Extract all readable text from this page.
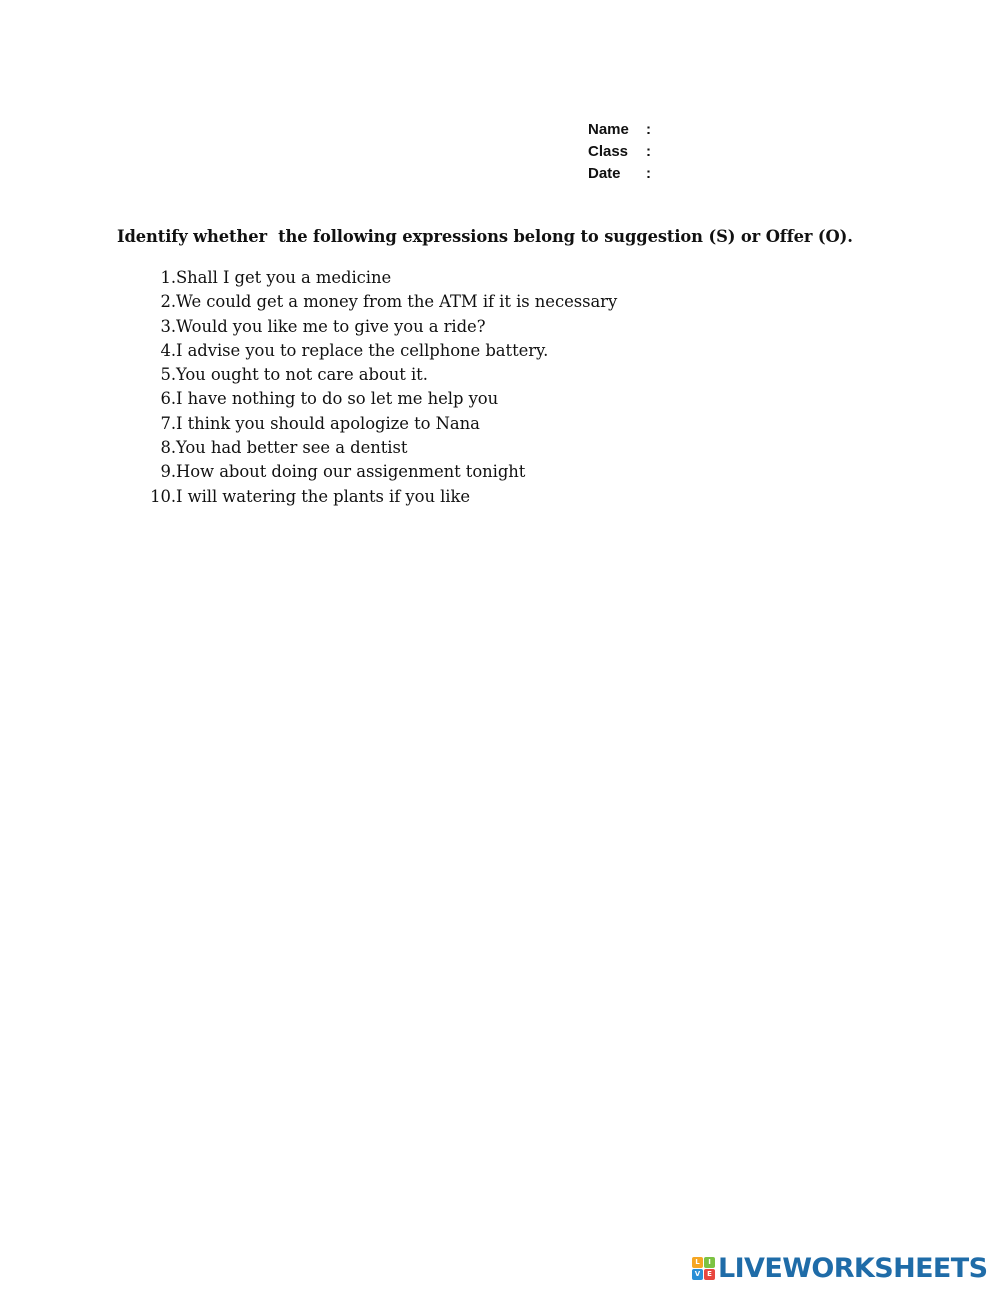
Name	:
Class	:
Date	:
Identify whether  the following expressions belong to suggestion (S) or Offer (O).
1. Shall I get you a medicine
2. We could get a money from the ATM if it is necessary
3. Would you like me to give you a ride?
4. I advise you to replace the cellphone battery.
5. You ought to not care about it.
6. I have nothing to do so let me help you
7. I think you should apologize to Nana
8. You had better see a dentist
9. How about doing our assigenment tonight
10. I will watering the plants if you like
L	I
V E LIVEWORKSHEETS
